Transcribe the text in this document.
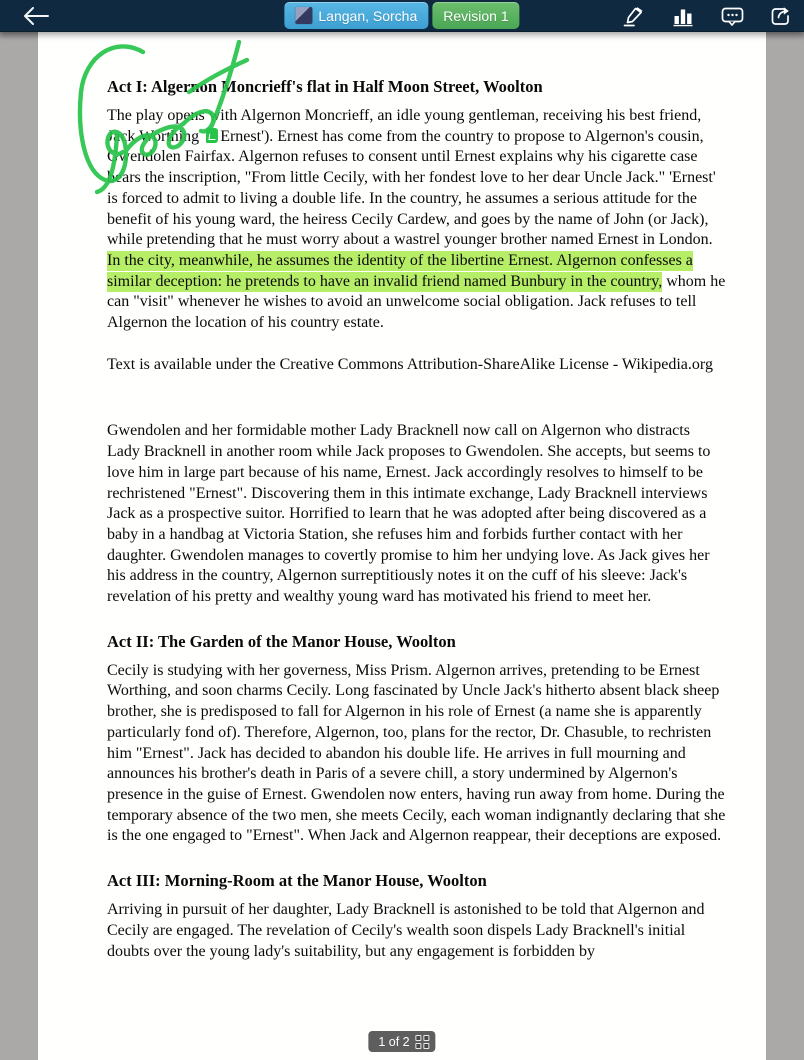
Langan, Sorcha Revision 1
Act I: Algernon Moncrieff's flat in Half Moon Street, Woolton

The play opens with Algernon Moncrieff, an idle young gentleman, receiving his best friend, Jack Worthing Ernest'). Ernest has come from the country to propose to Algernon's cousin, Gwendolen Fairfax. Algernon refuses to consent until Ernest explains why his cigarette case bears the inscription, "From little Cecily, with her fondest love to her dear Uncle Jack." 'Ernest' is forced to admit to living a double life. In the country, he assumes a serious attitude for the benefit of his young ward, the heiress Cecily Cardew, and goes by the name of John (or Jack), while pretending that he must worry about a wastrel younger brother named Ernest in London. In the city, meanwhile, he assumes the identity of the libertine Ernest. Algernon confesses a similar deception: he pretends to have an invalid friend named Bunbury in the country, whom he can "visit" whenever he wishes to avoid an unwelcome social obligation. Jack refuses to tell Algernon the location of his country estate.

Text is available under the Creative Commons Attribution-ShareAlike License - Wikipedia.org

Gwendolen and her formidable mother Lady Bracknell now call on Algernon who distracts Lady Bracknell in another room while Jack proposes to Gwendolen. She accepts, but seems to love him in large part because of his name, Ernest. Jack accordingly resolves to himself to be rechristened "Ernest". Discovering them in this intimate exchange, Lady Bracknell interviews Jack as a prospective suitor. Horrified to learn that he was adopted after being discovered as a baby in a handbag at Victoria Station, she refuses him and forbids further contact with her daughter. Gwendolen manages to covertly promise to him her undying love. As Jack gives her his address in the country, Algernon surreptitiously notes it on the cuff of his sleeve: Jack's revelation of his pretty and wealthy young ward has motivated his friend to meet her.

Act II: The Garden of the Manor House, Woolton

Cecily is studying with her governess, Miss Prism. Algernon arrives, pretending to be Ernest Worthing, and soon charms Cecily. Long fascinated by Uncle Jack's hitherto absent black sheep brother, she is predisposed to fall for Algernon in his role of Ernest (a name she is apparently particularly fond of). Therefore, Algernon, too, plans for the rector, Dr. Chasuble, to rechristen him "Ernest". Jack has decided to abandon his double life. He arrives in full mourning and announces his brother's death in Paris of a severe chill, a story undermined by Algernon's presence in the guise of Ernest. Gwendolen now enters, having run away from home. During the temporary absence of the two men, she meets Cecily, each woman indignantly declaring that she is the one engaged to "Ernest". When Jack and Algernon reappear, their deceptions are exposed.

Act III: Morning-Room at the Manor House, Woolton

Arriving in pursuit of her daughter, Lady Bracknell is astonished to be told that Algernon and Cecily are engaged. The revelation of Cecily's wealth soon dispels Lady Bracknell's initial doubts over the young lady's suitability, but any engagement is forbidden by

1 of 2
